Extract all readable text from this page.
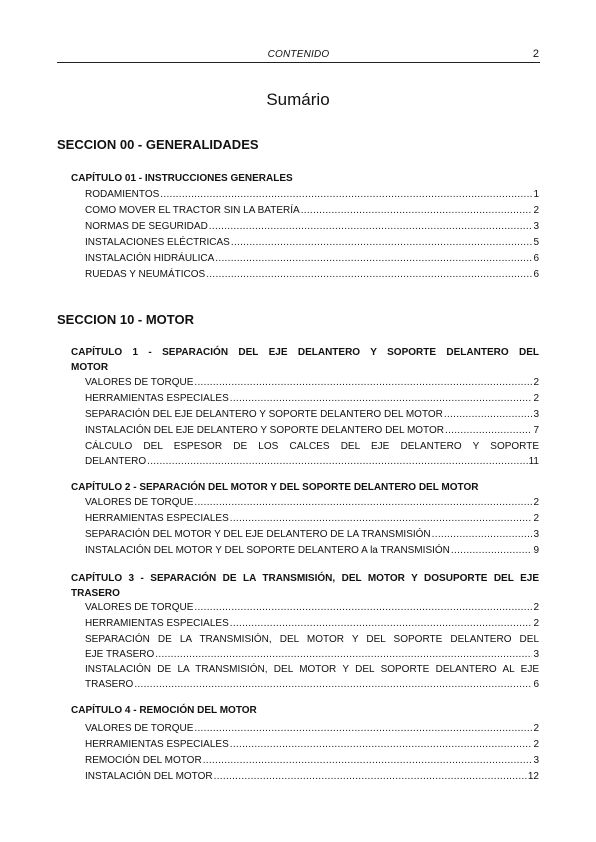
CONTENIDO	2
Sumário
SECCION 00 - GENERALIDADES
CAPÍTULO 01 - INSTRUCCIONES GENERALES
RODAMIENTOS .....	1
COMO MOVER EL TRACTOR SIN LA BATERÍA .....	2
NORMAS DE SEGURIDAD .....	3
INSTALACIONES ELÉCTRICAS .....	5
INSTALACIÓN HIDRÁULICA .....	6
RUEDAS Y NEUMÁTICOS .....	6
SECCION 10 - MOTOR
CAPÍTULO 1 - SEPARACIÓN DEL EJE DELANTERO Y SOPORTE DELANTERO DEL
MOTOR
VALORES DE TORQUE .....	2
HERRAMIENTAS ESPECIALES .....	2
SEPARACIÓN DEL EJE DELANTERO Y SOPORTE DELANTERO DEL MOTOR .....	3
INSTALACIÓN DEL EJE DELANTERO Y SOPORTE DELANTERO DEL MOTOR .....	7
CÁLCULO DEL ESPESOR DE LOS CALCES DEL EJE DELANTERO Y SOPORTE
DELANTERO .....	11
CAPÍTULO 2 - SEPARACIÓN DEL MOTOR Y DEL SOPORTE DELANTERO DEL MOTOR
VALORES DE TORQUE .....	2
HERRAMIENTAS ESPECIALES .....	2
SEPARACIÓN DEL MOTOR Y DEL EJE DELANTERO DE LA TRANSMISIÓN .....	3
INSTALACIÓN DEL MOTOR Y DEL SOPORTE DELANTERO A la TRANSMISIÓN .....	9
CAPÍTULO 3 - SEPARACIÓN DE LA TRANSMISIÓN, DEL MOTOR Y DOSUPORTE DEL EJE
TRASERO
VALORES DE TORQUE .....	2
HERRAMIENTAS ESPECIALES .....	2
SEPARACIÓN DE LA TRANSMISIÓN, DEL MOTOR Y DEL SOPORTE DELANTERO DEL
EJE TRASERO .....	3
INSTALACIÓN DE LA TRANSMISIÓN, DEL MOTOR Y DEL SOPORTE DELANTERO AL EJE
TRASERO .....	6
CAPÍTULO 4 - REMOCIÓN DEL MOTOR
VALORES DE TORQUE .....	2
HERRAMIENTAS ESPECIALES .....	2
REMOCIÓN DEL MOTOR .....	3
INSTALACIÓN DEL MOTOR .....	12
